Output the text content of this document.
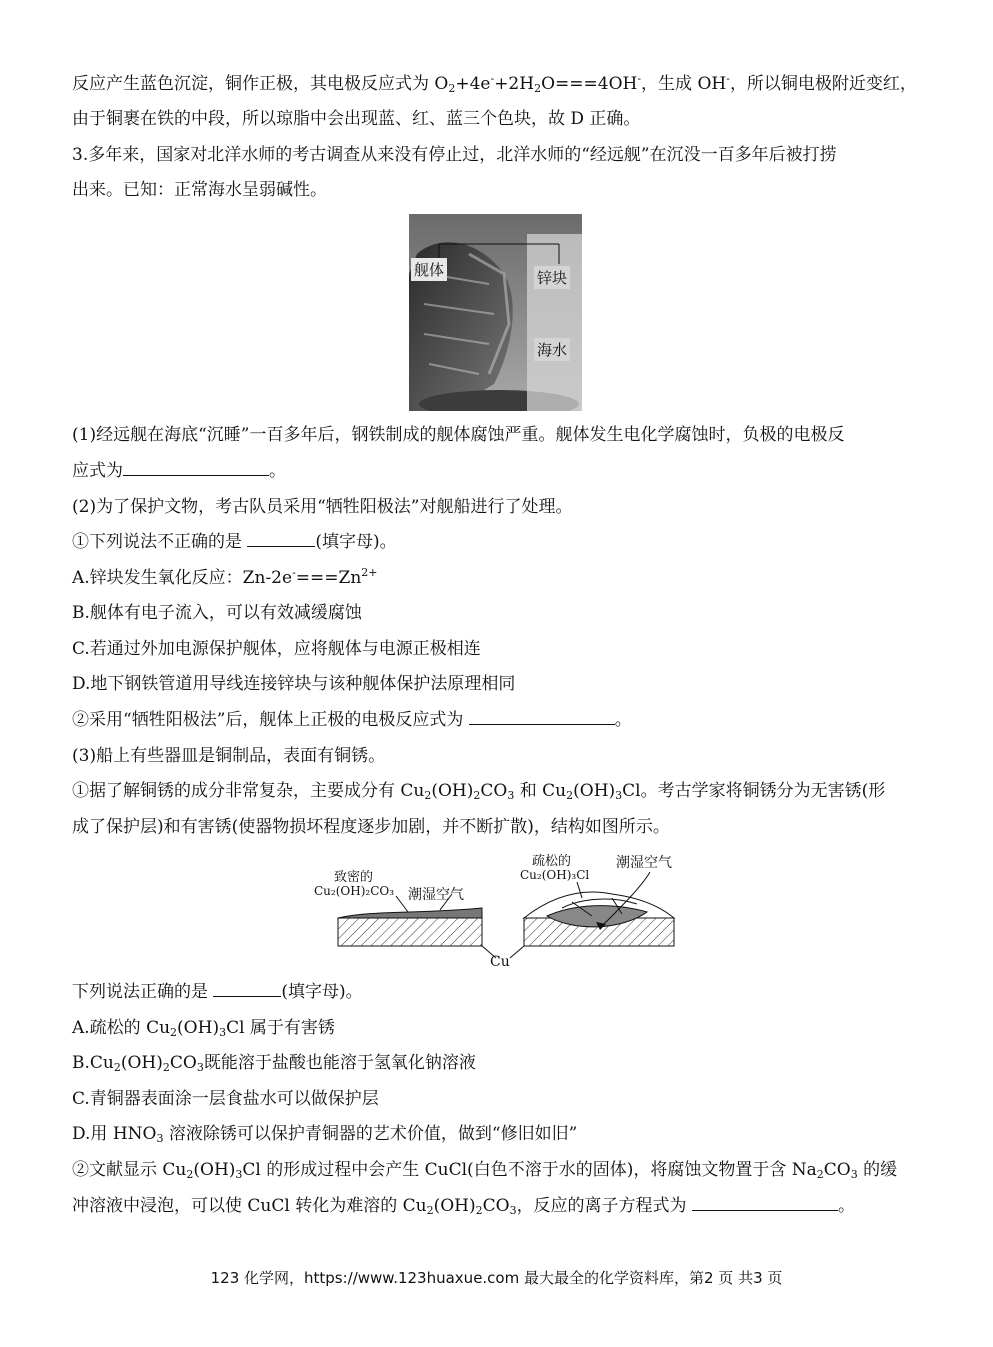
反应产生蓝色沉淀，铜作正极，其电极反应式为 $O_2+4e^-+2H_2O===4OH^-$，生成 OH-，所以铜电极附近变红，
由于铜裹在铁的中段，所以琼脂中会出现蓝、红、蓝三个色块，故 D 正确。
3.多年来，国家对北洋水师的考古调查从来没有停止过，北洋水师的“经远舰”在沉没一百多年后被打捞
出来。已知：正常海水呈弱碱性。
舰体	锌块
海水
(1)经远舰在海底“沉睡”一百多年后，钢铁制成的舰体腐蚀严重。舰体发生电化学腐蚀时，负极的电极反
应式为	。
(2)为了保护文物，考古队员采用“牺牲阳极法”对舰船进行了处理。
①下列说法不正确的是	(填字母)。
A.锌块发生氧化反应：$Zn-2e^-===Zn^{2+}$
B.舰体有电子流入，可以有效减缓腐蚀
C.若通过外加电源保护舰体，应将舰体与电源正极相连
D.地下钢铁管道用导线连接锌块与该种舰体保护法原理相同
②采用“牺牲阳极法”后，舰体上正极的电极反应式为	。
(3)船上有些器皿是铜制品，表面有铜锈。
①据了解铜锈的成分非常复杂，主要成分有 $Cu_2(OH)_2CO_3$ 和 $Cu_2(OH)_3Cl$。考古学家将铜锈分为无害锈(形
成了保护层)和有害锈(使器物损坏程度逐步加剧，并不断扩散)，结构如图所示。
致密的
Cu₂(OH)₂CO₃ 潮湿空气
疏松的
Cu₂(OH)₃Cl
潮湿空气
Cu
下列说法正确的是	(填字母)。
A.疏松的 $Cu_2(OH)_3Cl$ 属于有害锈
$B.Cu_2(OH)_2CO_3$既能溶于盐酸也能溶于氢氧化钠溶液
C.青铜器表面涂一层食盐水可以做保护层
D.用 $HNO_3$ 溶液除锈可以保护青铜器的艺术价值，做到“修旧如旧”
②文献显示 $Cu_2(OH)_3Cl$ 的形成过程中会产生 CuCl(白色不溶于水的固体)，将腐蚀文物置于含 $Na_2CO_3$ 的缓
冲溶液中浸泡，可以使 CuCl 转化为难溶的 $Cu_2(OH)_2CO_3$，反应的离子方程式为	。
123 化学网，https://www.123huaxue.com 最大最全的化学资料库，第2 页 共3 页
